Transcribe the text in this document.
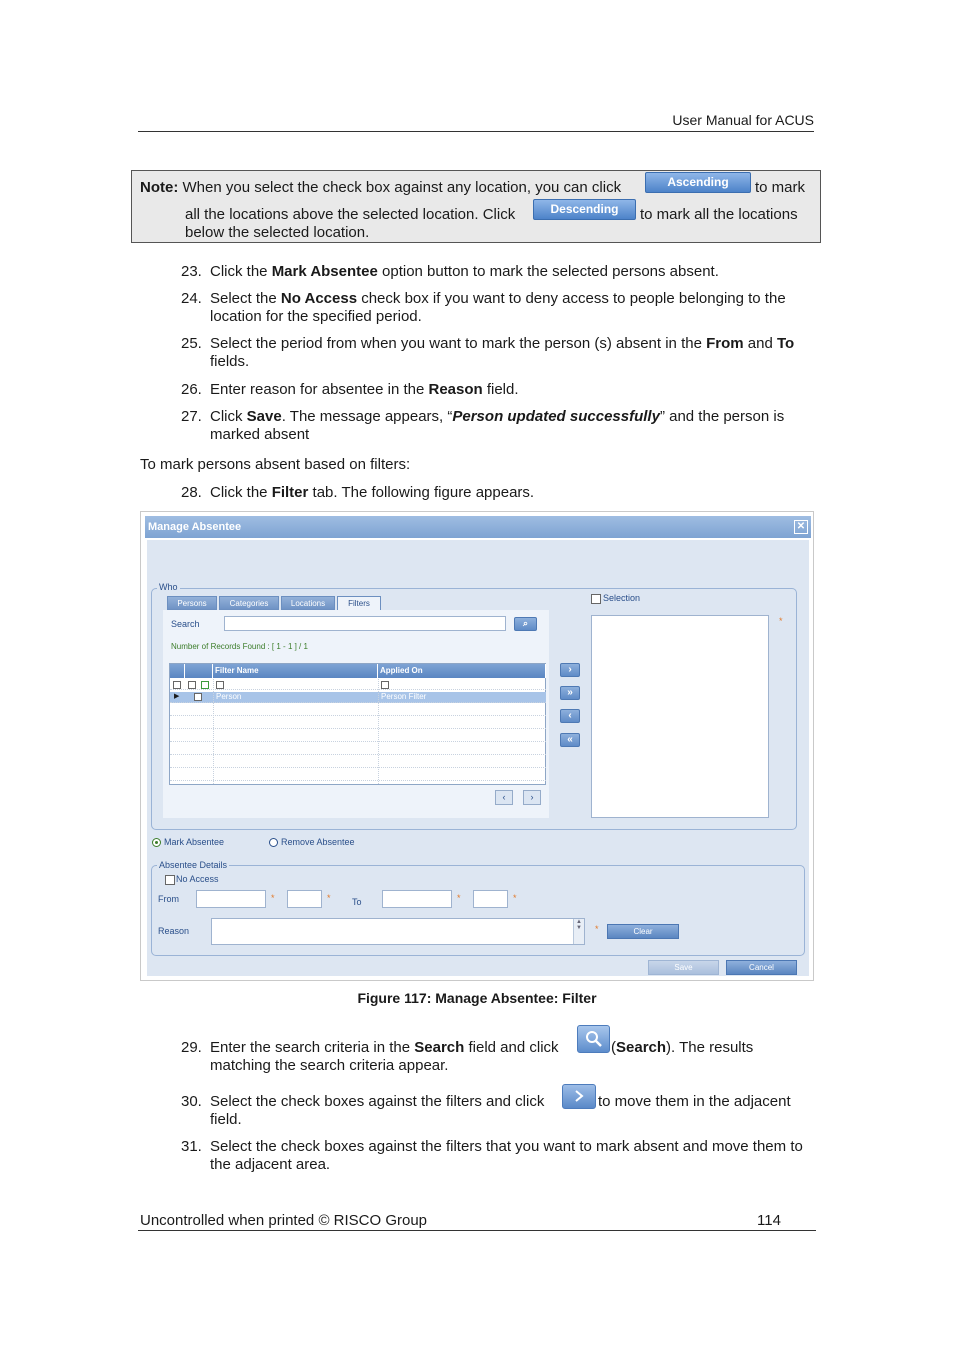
User Manual for ACUS
Note: When you select the check box against any location, you can click	Ascending	to mark
all the locations above the selected location. Click	Descending	to mark all the locations
below the selected location.
23. Click the Mark Absentee option button to mark the selected persons absent.
24. Select the No Access check box if you want to deny access to people belonging to the location for the specified period.
25. Select the period from when you want to mark the person (s) absent in the From and To fields.
26. Enter reason for absentee in the Reason field.
27. Click Save. The message appears, “Person updated successfully” and the person is marked absent
To mark persons absent based on filters:
28. Click the Filter tab. The following figure appears.
Manage Absentee	✕
Who
Persons	Categories	Locations	Filters
Search	⌕
Number of Records Found : [ 1 - 1 ] / 1
Filter Name	Applied On
▶	Person	Person Filter
‹	›
›
»
‹
«
Selection
*
Mark Absentee	Remove Absentee
Absentee Details
No Access
From	*	* To	*	*
Reason
▲
▼ *	Clear
Save	Cancel
Figure 117: Manage Absentee: Filter
29. Enter the search criteria in the Search field and click	(Search). The results
matching the search criteria appear.
30. Select the check boxes against the filters and click	to move them in the adjacent
field.
31. Select the check boxes against the filters that you want to mark absent and move them to the adjacent area.
Uncontrolled when printed © RISCO Group	114
